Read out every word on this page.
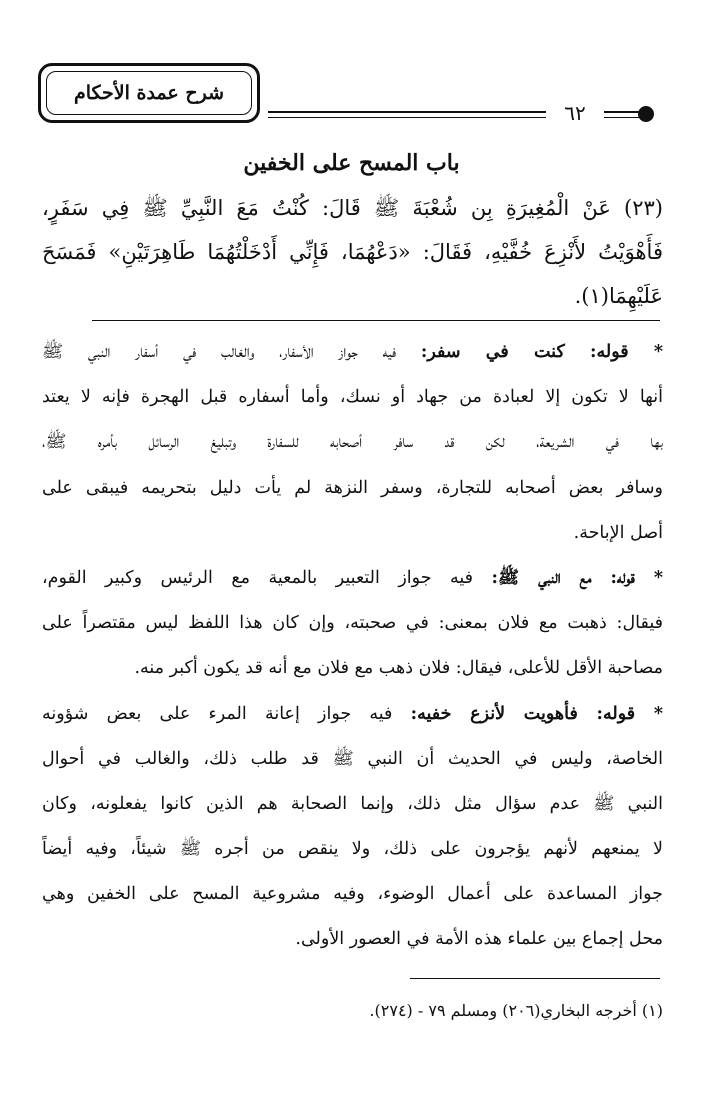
شرح عمدة الأحكام
٦٢
باب المسح على الخفين
(٢٣) عَنْ الْمُغِيرَةِ بِن شُعْبَةَ ﷺ قَالَ: كُنْتُ مَعَ النَّبِيِّ ﷺ فِي سَفَرٍ،
فَأَهْوَيْتُ لأَنْزِعَ خُفَّيْهِ، فَقَالَ: «دَعْهُمَا، فَإِنِّي أَدْخَلْتُهُمَا طَاهِرَتَيْنِ» فَمَسَحَ
عَلَيْهِمَا(١).
* قوله: كنت في سفر: فيه جواز الأسفار، والغالب في أسفار النبي ﷺ
أنها لا تكون إلا لعبادة من جهاد أو نسك، وأما أسفاره قبل الهجرة فإنه لا يعتد
بها في الشريعة، لكن قد سافر أصحابه للسفارة وتبليغ الرسائل بأمره ﷺ،
وسافر بعض أصحابه للتجارة، وسفر النزهة لم يأت دليل بتحريمه فيبقى على
أصل الإباحة.
* قوله: مع النبي ﷺ: فيه جواز التعبير بالمعية مع الرئيس وكبير القوم،
فيقال: ذهبت مع فلان بمعنى: في صحبته، وإن كان هذا اللفظ ليس مقتصراً على
مصاحبة الأقل للأعلى، فيقال: فلان ذهب مع فلان مع أنه قد يكون أكبر منه.
* قوله: فأهويت لأنزع خفيه: فيه جواز إعانة المرء على بعض شؤونه
الخاصة، وليس في الحديث أن النبي ﷺ قد طلب ذلك، والغالب في أحوال
النبي ﷺ عدم سؤال مثل ذلك، وإنما الصحابة هم الذين كانوا يفعلونه، وكان
لا يمنعهم لأنهم يؤجرون على ذلك، ولا ينقص من أجره ﷺ شيئاً، وفيه أيضاً
جواز المساعدة على أعمال الوضوء، وفيه مشروعية المسح على الخفين وهي
محل إجماع بين علماء هذه الأمة في العصور الأولى.
(١) أخرجه البخاري(٢٠٦) ومسلم ٧٩ - (٢٧٤).
